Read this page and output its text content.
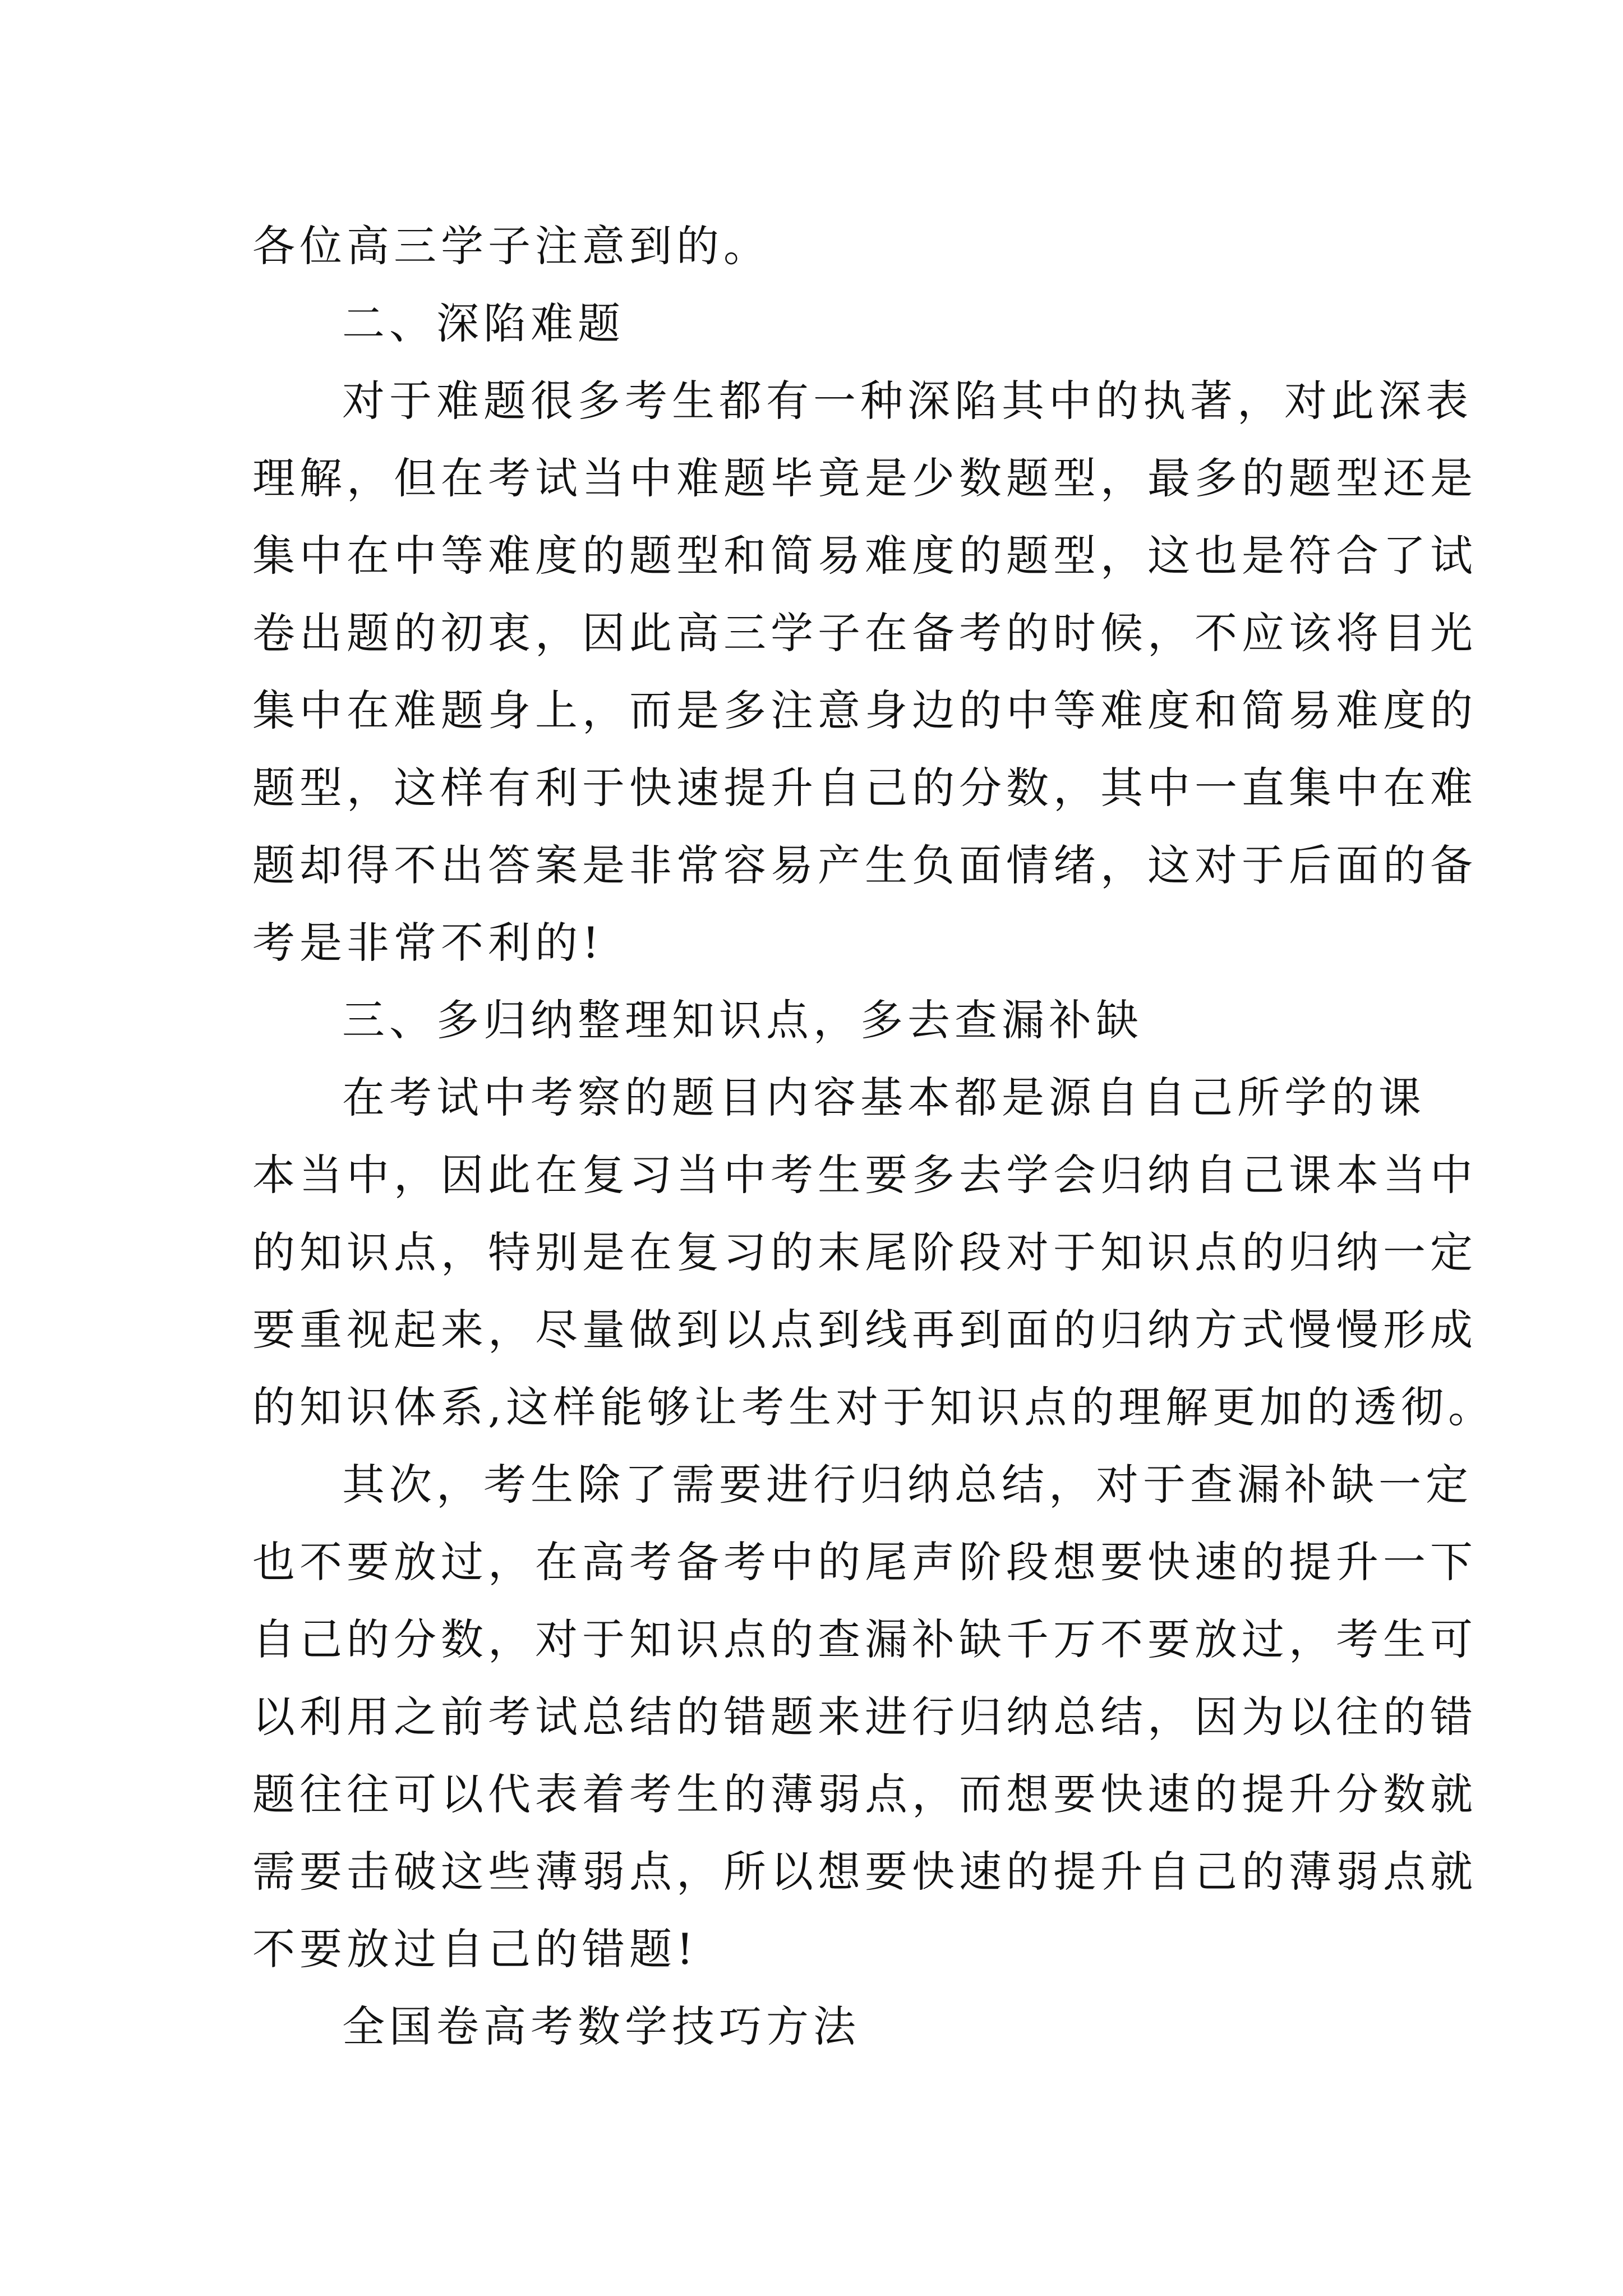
各位高三学子注意到的。
二、深陷难题
对于难题很多考生都有一种深陷其中的执著，对此深表
理解，但在考试当中难题毕竟是少数题型，最多的题型还是
集中在中等难度的题型和简易难度的题型，这也是符合了试
卷出题的初衷，因此高三学子在备考的时候，不应该将目光
集中在难题身上，而是多注意身边的中等难度和简易难度的
题型，这样有利于快速提升自己的分数，其中一直集中在难
题却得不出答案是非常容易产生负面情绪，这对于后面的备
考是非常不利的!
三、多归纳整理知识点，多去查漏补缺
在考试中考察的题目内容基本都是源自自己所学的课
本当中，因此在复习当中考生要多去学会归纳自己课本当中
的知识点，特别是在复习的末尾阶段对于知识点的归纳一定
要重视起来，尽量做到以点到线再到面的归纳方式慢慢形成
的知识体系,这样能够让考生对于知识点的理解更加的透彻。
其次，考生除了需要进行归纳总结，对于查漏补缺一定
也不要放过，在高考备考中的尾声阶段想要快速的提升一下
自己的分数，对于知识点的查漏补缺千万不要放过，考生可
以利用之前考试总结的错题来进行归纳总结，因为以往的错
题往往可以代表着考生的薄弱点，而想要快速的提升分数就
需要击破这些薄弱点，所以想要快速的提升自己的薄弱点就
不要放过自己的错题!
全国卷高考数学技巧方法
